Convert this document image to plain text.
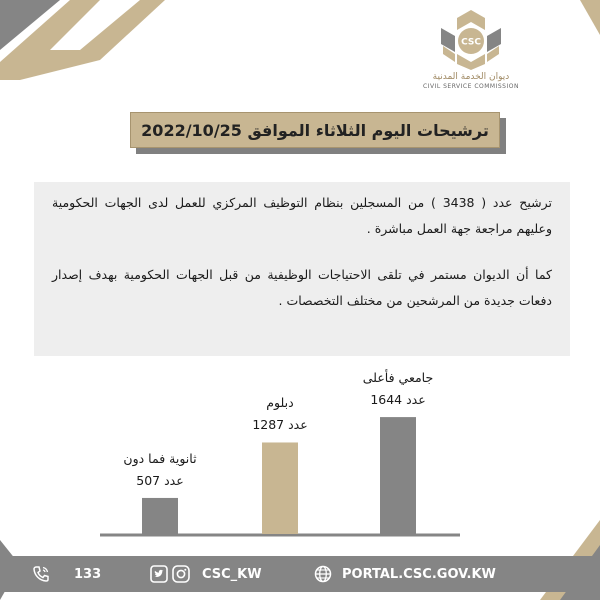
CSC
ديوان الخدمة المدنية
CIVIL SERVICE COMMISSION
ترشيحات اليوم الثلاثاء الموافق 2022/10/25
ترشيح عدد ( 3438 ) من المسجلين بنظام التوظيف المركزي للعمل لدى الجهات الحكومية وعليهم مراجعة جهة العمل مباشرة .
كما أن الديوان مستمر في تلقى الاحتياجات الوظيفية من قبل الجهات الحكومية بهدف إصدار دفعات جديدة من المرشحين من مختلف التخصصات .
ثانوية فما دون
عدد 507
دبلوم
عدد 1287
جامعي فأعلى
عدد 1644
133	CSC_KW	PORTAL.CSC.GOV.KW
